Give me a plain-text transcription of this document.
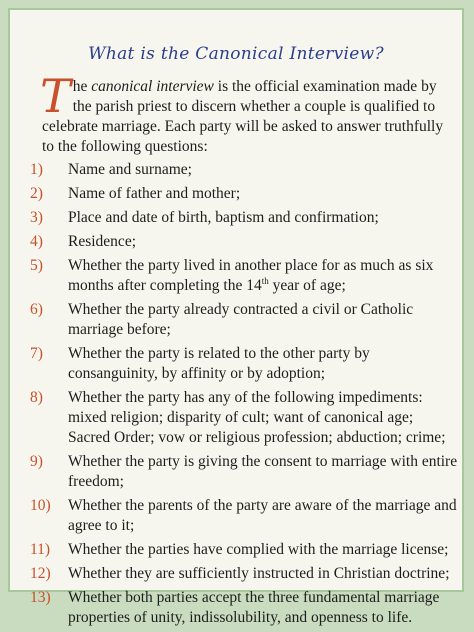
What is the Canonical Interview?
The canonical interview is the official examination made by the parish priest to discern whether a couple is qualified to celebrate marriage. Each party will be asked to answer truthfully to the following questions:
1)	Name and surname;
2)	Name of father and mother;
3)	Place and date of birth, baptism and confirmation;
4)	Residence;
5)	Whether the party lived in another place for as much as six months after completing the 14th year of age;
6)	Whether the party already contracted a civil or Catholic marriage before;
7)	Whether the party is related to the other party by consanguinity, by affinity or by adoption;
8)	Whether the party has any of the following impediments: mixed religion; disparity of cult; want of canonical age; Sacred Order; vow or religious profession; abduction; crime;
9)	Whether the party is giving the consent to marriage with entire freedom;
10)	Whether the parents of the party are aware of the marriage and agree to it;
11)	Whether the parties have complied with the marriage license;
12)	Whether they are sufficiently instructed in Christian doctrine;
13)	Whether both parties accept the three fundamental marriage properties of unity, indissolubility, and openness to life.
